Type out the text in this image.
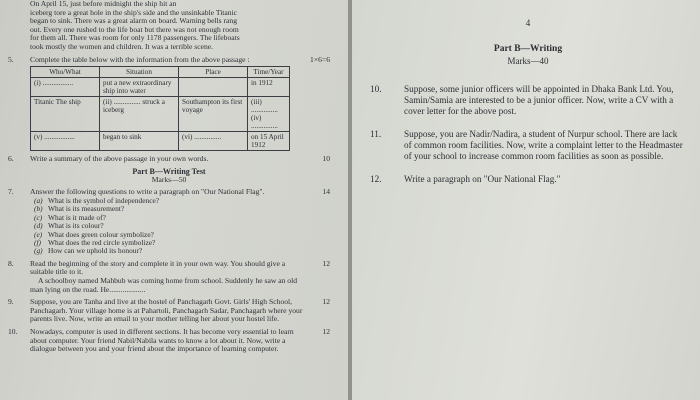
On April 15, just before midnight the ship hit an

iceberg tore a great hole in the ship's side and the unsinkable Titanic

began to sink. There was a great alarm on board. Warning bells rang

out. Every one rushed to the life boat but there was not enough room

for them all. There was room for only 1178 passengers. The lifeboats

took mostly the women and children. It was a terrible scene.

5.	Complete the table below with the information from the above passage :	1×6=6
Who/What	Situation	Place	Time/Year
(i) .................	put a new extraordinary ship into water		in 1912
Titanic The ship	(ii) ............... struck a iceberg	Southampton its first voyage	(iii) ............... (iv) ...............
(v) .................	began to sink	(vi) ...............	on 15 April 1912
6.	Write a summary of the above passage in your own words.	10
Part B—Writing Test
Marks—50
7.	Answer the following questions to write a paragraph on "Our National Flag".	14
(a) What is the symbol of independence?
(b) What is its measurement?
(c) What is it made of?
(d) What is its colour?
(e) What does green colour symbolize?
(f) What does the red circle symbolize?
(g) How can we uphold its honour?
8.	Read the beginning of the story and complete it in your own way. You should give a suitable title to it.
A schoolboy named Mahbub was coming home from school. Suddenly he saw an old man lying on the road. He...................
12
9.	Suppose, you are Tanha and live at the hostel of Panchagarh Govt. Girls' High School, Panchagarh. Your village home is at Pahartoli, Panchagarh Sadar, Panchagarh where your parents live. Now, write an email to your mother telling her about your hostel life.
12
10.	Nowadays, computer is used in different sections. It has become very essential to learn about computer. Your friend Nabil/Nabila wants to know a lot about it. Now, write a dialogue between you and your friend about the importance of learning computer.
12
4
Part B—Writing
Marks—40
10.	Suppose, some junior officers will be appointed in Dhaka Bank Ltd. You, Samin/Samia are interested to be a junior officer. Now, write a CV with a cover letter for the above post.
11.	Suppose, you are Nadir/Nadira, a student of Nurpur school. There are lack of common room facilities. Now, write a complaint letter to the Headmaster of your school to increase common room facilities as soon as possible.
12.	Write a paragraph on "Our National Flag."
